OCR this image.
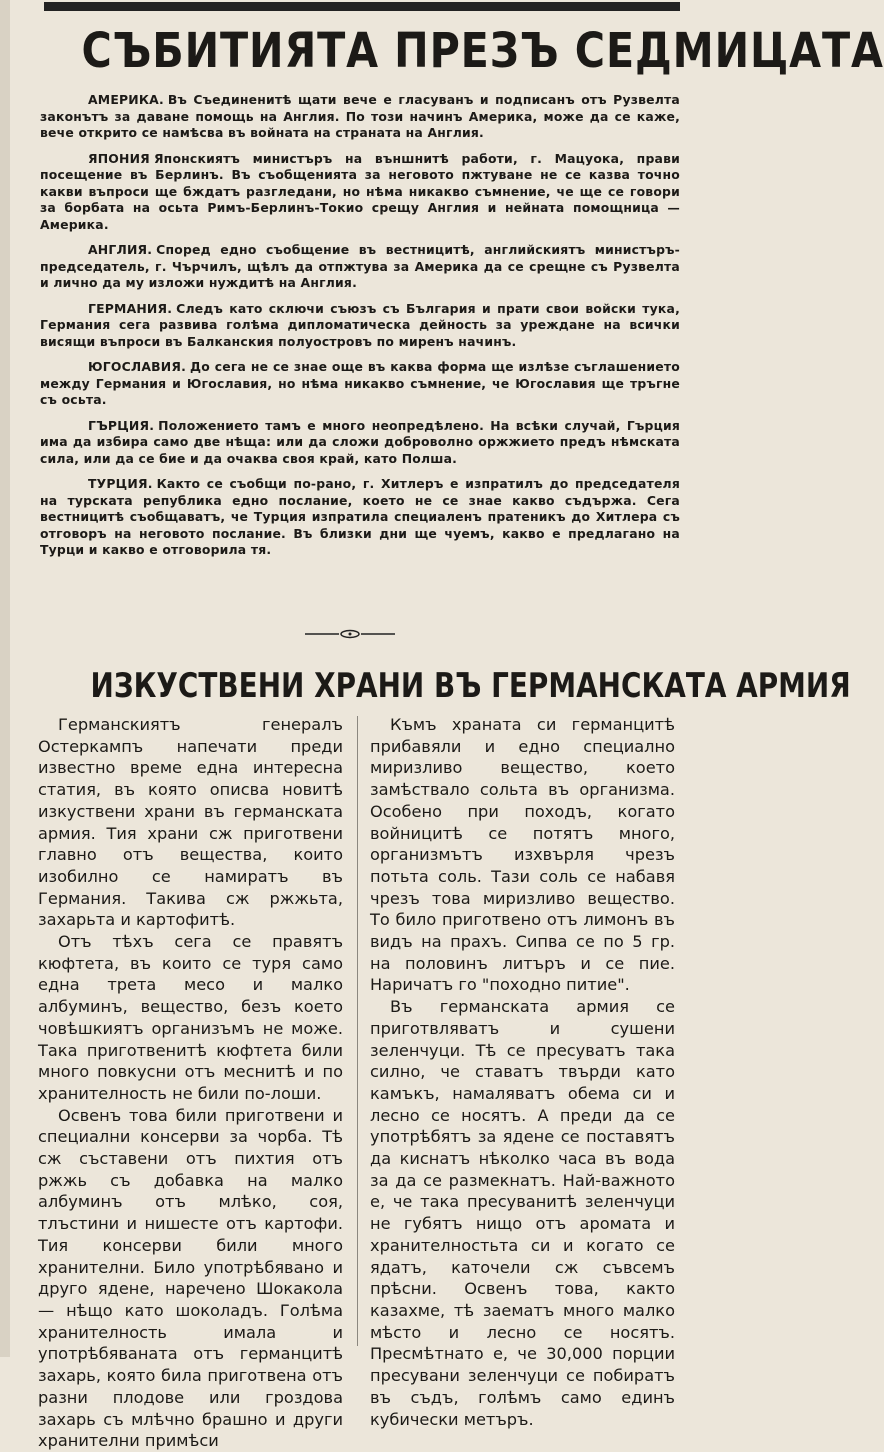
СЪБИТИЯТА ПРЕЗЪ СЕДМИЦАТА

АМЕРИКА. Въ Съединенитѣ щати вече е гласуванъ и подписанъ отъ Рузвелта законътъ за даване помощь на Англия. По този начинъ Америка, може да се каже, вече открито се намѣсва въ войната на страната на Англия.

ЯПОНИЯ Японскиятъ министъръ на външнитѣ работи, г. Мацуока, прави посещение въ Берлинъ. Въ съобщенията за неговото пжтуване не се казва точно какви въпроси ще бждатъ разгледани, но нѣма никакво съмнение, че ще се говори за борбата на осьта Римъ-Берлинъ-Токио срещу Англия и нейната помощница — Америка.

АНГЛИЯ. Според едно съобщение въ вестницитѣ, английскиятъ министъръ-председатель, г. Чърчилъ, щѣлъ да отпжтува за Америка да се срещне съ Рузвелта и лично да му изложи нуждитѣ на Англия.

ГЕРМАНИЯ. Следъ като сключи съюзъ съ България и прати свои войски тука, Германия сега развива голѣма дипломатическа дейность за уреждане на всички висящи въпроси въ Балканския полуостровъ по миренъ начинъ.

ЮГОСЛАВИЯ. До сега не се знае още въ каква форма ще излѣзе съглашението между Германия и Югославия, но нѣма никакво съмнение, че Югославия ще тръгне съ осьта.

ГЪРЦИЯ. Положението тамъ е много неопредѣлено. На всѣки случай, Гърция има да избира само две нѣща: или да сложи доброволно оржжието предъ нѣмската сила, или да се бие и да очаква своя край, като Полша.

ТУРЦИЯ. Както се съобщи по-рано, г. Хитлеръ е изпратилъ до председателя на турската република едно послание, което не се знае какво съдържа. Сега вестницитѣ съобщаватъ, че Турция изпратила специаленъ пратеникъ до Хитлера съ отговоръ на неговото послание. Въ близки дни ще чуемъ, какво е предлагано на Турци и какво е отговорила тя.

ИЗКУСТВЕНИ ХРАНИ ВЪ ГЕРМАНСКАТА АРМИЯ

Германскиятъ генералъ Остеркампъ напечати преди известно време една интересна статия, въ която описва новитѣ изкуствени храни въ германската армия. Тия храни сж приготвени главно отъ вещества, които изобилно се намиратъ въ Германия. Такива сж ржжьта, захарьта и картофитѣ.

Отъ тѣхъ сега се правятъ кюфтета, въ които се туря само една трета месо и малко албуминъ, вещество, безъ което човѣшкиятъ организъмъ не може. Така приготвенитѣ кюфтета били много повкусни отъ меснитѣ и по хранителность не били по-лоши.

Освенъ това били приготвени и специални консерви за чорба. Тѣ сж съставени отъ пихтия отъ ржжь съ добавка на малко албуминъ отъ млѣко, соя, тлъстини и нишесте отъ картофи. Тия консерви били много хранителни. Било употрѣбявано и друго ядене, наречено Шокакола — нѣщо като шоколадъ. Голѣма хранителность имала и употрѣбяваната отъ германцитѣ захарь, която била приготвена отъ разни плодове или гроздова захарь съ млѣчно брашно и други хранителни примѣси

Къмъ храната си германцитѣ прибавяли и едно специално миризливо вещество, което замѣствало сольта въ организма. Особено при походъ, когато войницитѣ се потятъ много, организмътъ изхвърля чрезъ потьта соль. Тази соль се набавя чрезъ това миризливо вещество. То било приготвено отъ лимонъ въ видъ на прахъ. Сипва се по 5 гр. на половинъ литъръ и се пие. Наричатъ го "походно питие".

Въ германската армия се приготвляватъ и сушени зеленчуци. Тѣ се пресуватъ така силно, че ставатъ твърди като камъкъ, намаляватъ обема си и лесно се носятъ. А преди да се употрѣбятъ за ядене се поставятъ да киснатъ нѣколко часа въ вода за да се размекнатъ. Най-важното е, че така пресуванитѣ зеленчуци не губятъ нищо отъ аромата и хранителностьта си и когато се ядатъ, каточели сж съвсемъ прѣсни. Освенъ това, както казахме, тѣ заематъ много малко мѣсто и лесно се носятъ. Пресмѣтнато е, че 30,000 порции пресувани зеленчуци се побиратъ въ съдъ, голѣмъ само единъ кубически метъръ.
